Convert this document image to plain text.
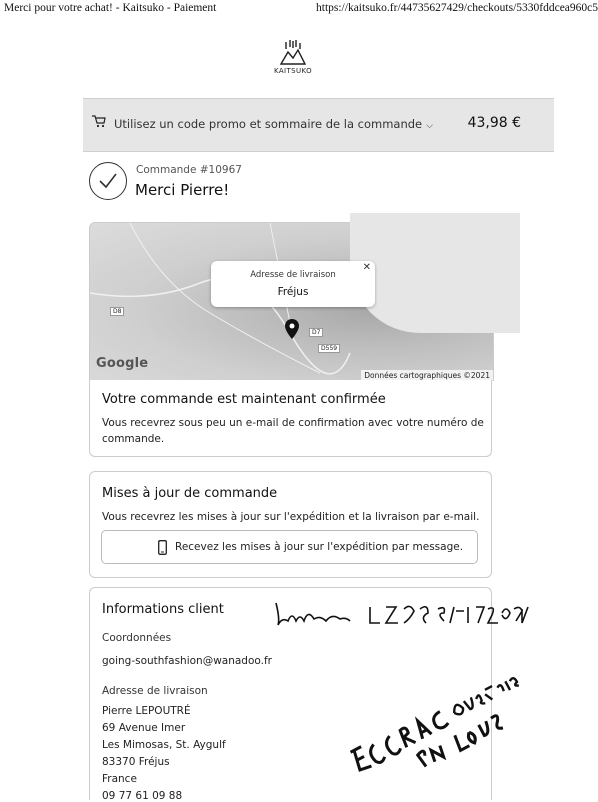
Merci pour votre achat! - Kaitsuko - Paiement	https://kaitsuko.fr/44735627429/checkouts/5330fddcea960c5
KAITSUKO
Utilisez un code promo et sommaire de la commande ⌵ 43,98 €
Commande #10967
Merci Pierre!
D8
D7
D559
✕
Adresse de livraison
Fréjus
Google
Données cartographiques ©2021
Votre commande est maintenant confirmée
Vous recevrez sous peu un e-mail de confirmation avec votre numéro de
commande.
Mises à jour de commande
Vous recevrez les mises à jour sur l'expédition et la livraison par e-mail.
Recevez les mises à jour sur l'expédition par message.
Informations client
Coordonnées
going-southfashion@wanadoo.fr
Adresse de livraison
Pierre LEPOUTRÉ
69 Avenue Imer
Les Mimosas, St. Aygulf
83370 Fréjus
France
09 77 61 09 88
